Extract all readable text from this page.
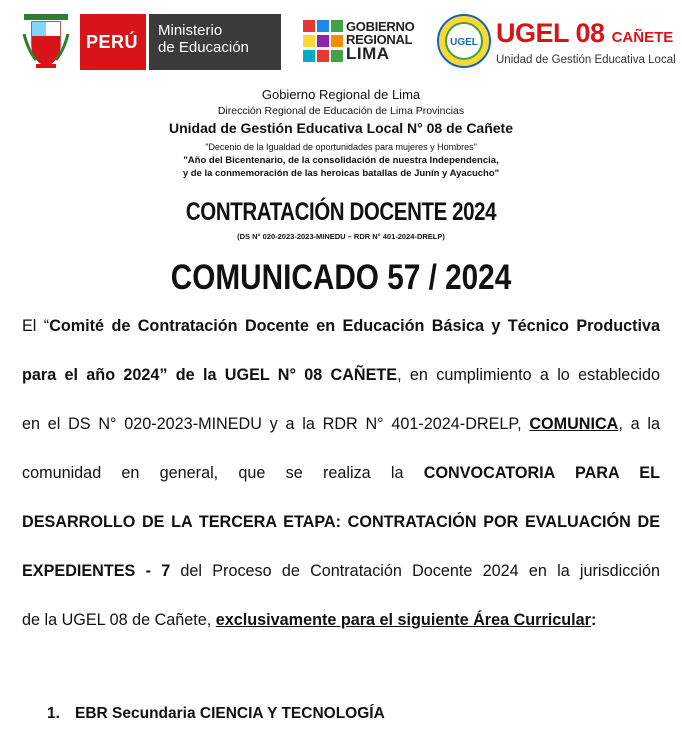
PERÚ
Ministerio
de Educación
GOBIERNO
REGIONAL
LIMA
UGEL UGEL 08 CAÑETE
Unidad de Gestión Educativa Local
Gobierno Regional de Lima
Dirección Regional de Educación de Lima Provincias
Unidad de Gestión Educativa Local N° 08 de Cañete
"Decenio de la Igualdad de oportunidades para mujeres y Hombres"
"Año del Bicentenario, de la consolidación de nuestra Independencia,
y de la conmemoración de las heroicas batallas de Junín y Ayacucho"
CONTRATACIÓN DOCENTE 2024
(DS N° 020-2023-2023-MINEDU – RDR N° 401-2024-DRELP)
COMUNICADO 57 / 2024
El “Comité de Contratación Docente en Educación Básica y Técnico Productiva
para el año 2024” de la UGEL N° 08 CAÑETE, en cumplimiento a lo establecido
en el DS N° 020-2023-MINEDU y a la RDR N° 401-2024-DRELP, COMUNICA, a la
comunidad en general, que se realiza la CONVOCATORIA PARA EL
DESARROLLO DE LA TERCERA ETAPA: CONTRATACIÓN POR EVALUACIÓN DE
EXPEDIENTES - 7 del Proceso de Contratación Docente 2024 en la jurisdicción
de la UGEL 08 de Cañete, exclusivamente para el siguiente Área Curricular:
1. EBR Secundaria CIENCIA Y TECNOLOGÍA
